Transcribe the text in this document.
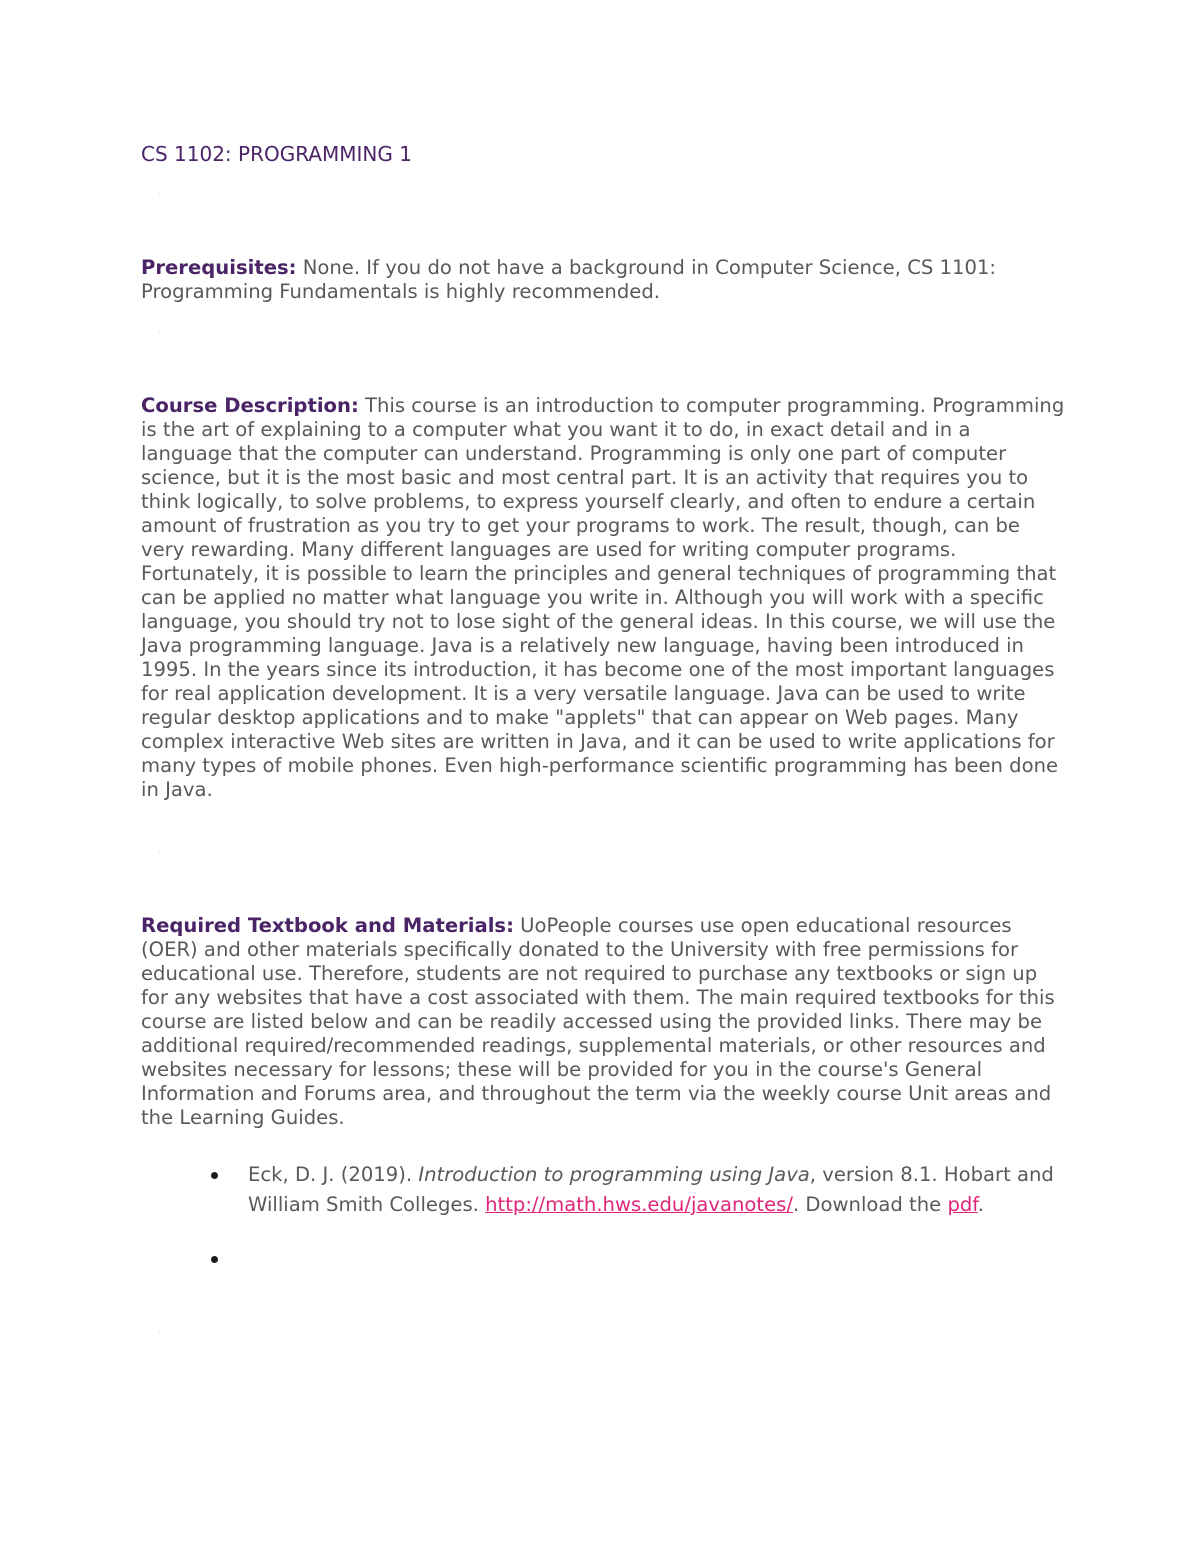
CS 1102: PROGRAMMING 1
·

Prerequisites: None. If you do not have a background in Computer Science, CS 1101: Programming Fundamentals is highly recommended.

·

Course Description: This course is an introduction to computer programming. Programming is the art of explaining to a computer what you want it to do, in exact detail and in a language that the computer can understand. Programming is only one part of computer science, but it is the most basic and most central part. It is an activity that requires you to think logically, to solve problems, to express yourself clearly, and often to endure a certain amount of frustration as you try to get your programs to work. The result, though, can be very rewarding. Many different languages are used for writing computer programs. Fortunately, it is possible to learn the principles and general techniques of programming that can be applied no matter what language you write in. Although you will work with a specific language, you should try not to lose sight of the general ideas. In this course, we will use the Java programming language. Java is a relatively new language, having been introduced in 1995. In the years since its introduction, it has become one of the most important languages for real application development. It is a very versatile language. Java can be used to write regular desktop applications and to make "applets" that can appear on Web pages. Many complex interactive Web sites are written in Java, and it can be used to write applications for many types of mobile phones. Even high-performance scientific programming has been done in Java.

·

Required Textbook and Materials: UoPeople courses use open educational resources (OER) and other materials specifically donated to the University with free permissions for educational use. Therefore, students are not required to purchase any textbooks or sign up for any websites that have a cost associated with them. The main required textbooks for this course are listed below and can be readily accessed using the provided links. There may be additional required/recommended readings, supplemental materials, or other resources and websites necessary for lessons; these will be provided for you in the course's General Information and Forums area, and throughout the term via the weekly course Unit areas and the Learning Guides.

Eck, D. J. (2019). Introduction to programming using Java, version 8.1. Hobart and William Smith Colleges. http://math.hws.edu/javanotes/. Download the pdf.
·
